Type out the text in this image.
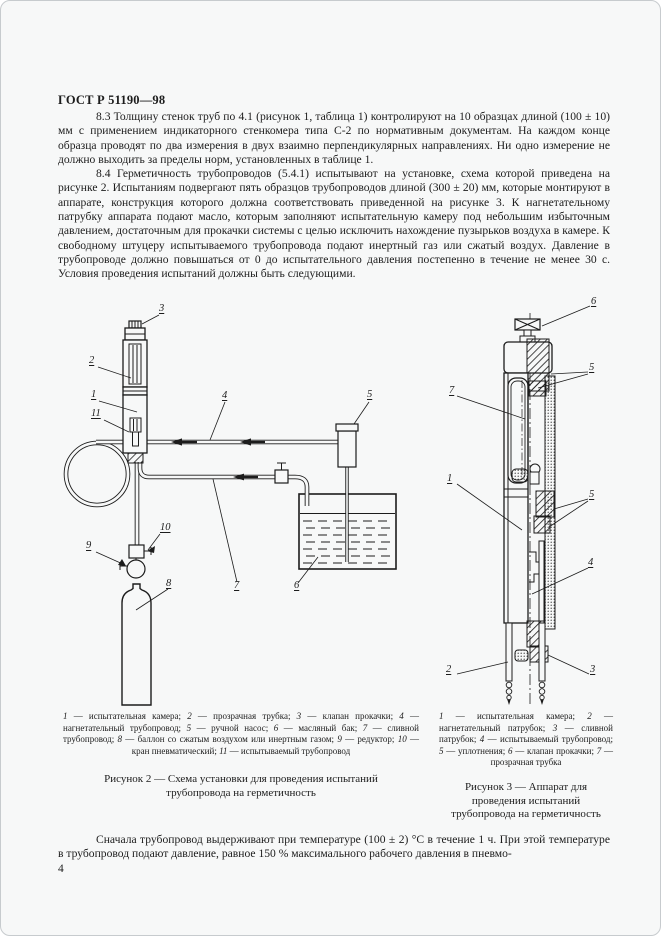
ГОСТ Р 51190—98

8.3 Толщину стенок труб по 4.1 (рисунок 1, таблица 1) контролируют на 10 образцах длиной (100 ± 10) мм с применением индикаторного стенкомера типа С-2 по нормативным документам. На каждом конце образца проводят по два измерения в двух взаимно перпендикулярных направлениях. Ни одно измерение не должно выходить за пределы норм, установленных в таблице 1.

8.4 Герметичность трубопроводов (5.4.1) испытывают на установке, схема которой приведена на рисунке 2. Испытаниям подвергают пять образцов трубопроводов длиной (300 ± 20) мм, которые монтируют в аппарате, конструкция которого должна соответствовать приведенной на рисунке 3. К нагнетательному патрубку аппарата подают масло, которым заполняют испытательную камеру под небольшим избыточным давлением, достаточным для прокачки системы с целью исключить нахождение пузырьков воздуха в камере. К свободному штуцеру испытываемого трубопровода подают инертный газ или сжатый воздух. Давление в трубопроводе должно повышаться от 0 до испытательного давления постепенно в течение не менее 30 с. Условия проведения испытаний должны быть следующими.

3
2
1
11
4	5
10
9
7	6
8
6
5
7
1
5
4
2	3
1 — испытательная камера; 2 — прозрачная трубка; 3 — клапан прокачки; 4 — нагнетательный трубопровод; 5 — ручной насос; 6 — масляный бак; 7 — сливной трубопровод; 8 — баллон со сжатым воздухом или инертным газом; 9 — редуктор; 10 — кран пневматический; 11 — испытываемый трубопровод
Рисунок 2 — Схема установки для проведения испытаний трубопровода на герметичность
1 — испытательная камера; 2 — нагнетательный патрубок; 3 — сливной патрубок; 4 — испытываемый трубопровод; 5 — уплотнения; 6 — клапан прокачки; 7 — прозрачная трубка
Рисунок 3 — Аппарат для проведения испытаний трубопровода на герметичность

Сначала трубопровод выдерживают при температуре (100 ± 2) °С в течение 1 ч. При этой температуре в трубопровод подают давление, равное 150 % максимального рабочего давления в пневмо-

4
